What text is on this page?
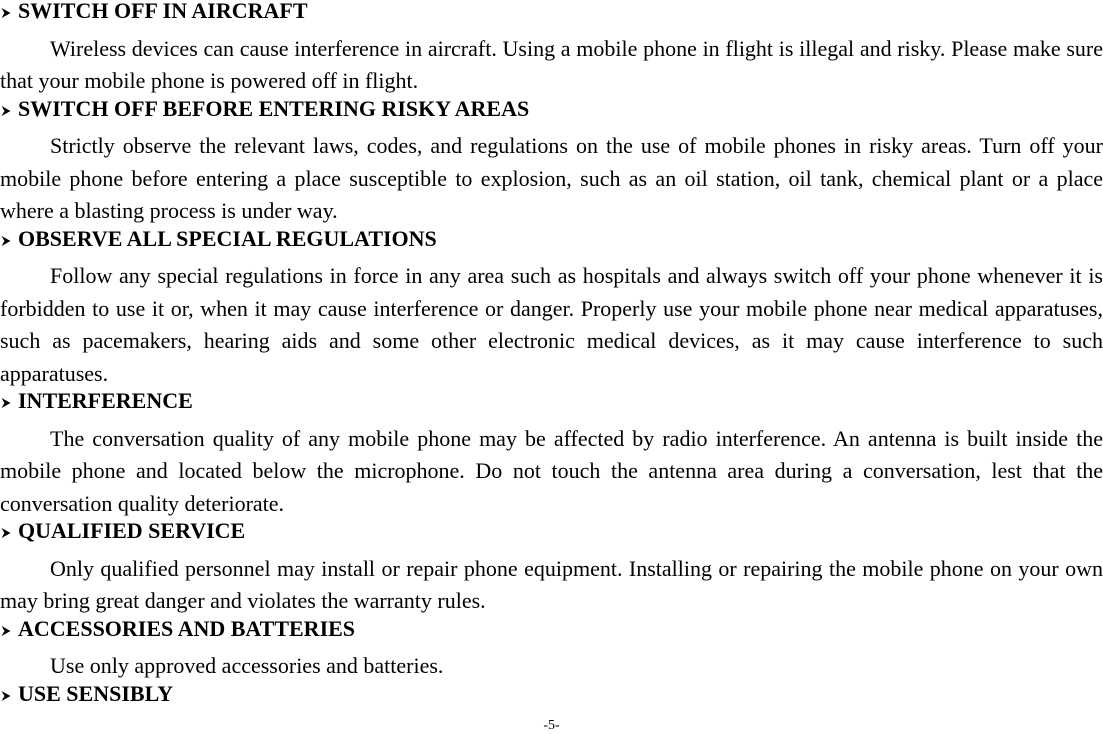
SWITCH OFF IN AIRCRAFT

Wireless devices can cause interference in aircraft. Using a mobile phone in flight is illegal and risky. Please make sure that your mobile phone is powered off in flight.

SWITCH OFF BEFORE ENTERING RISKY AREAS

Strictly observe the relevant laws, codes, and regulations on the use of mobile phones in risky areas. Turn off your mobile phone before entering a place susceptible to explosion, such as an oil station, oil tank, chemical plant or a place where a blasting process is under way.

OBSERVE ALL SPECIAL REGULATIONS

Follow any special regulations in force in any area such as hospitals and always switch off your phone whenever it is forbidden to use it or, when it may cause interference or danger. Properly use your mobile phone near medical apparatuses, such as pacemakers, hearing aids and some other electronic medical devices, as it may cause interference to such apparatuses.

INTERFERENCE

The conversation quality of any mobile phone may be affected by radio interference. An antenna is built inside the mobile phone and located below the microphone. Do not touch the antenna area during a conversation, lest that the conversation quality deteriorate.

QUALIFIED SERVICE

Only qualified personnel may install or repair phone equipment. Installing or repairing the mobile phone on your own may bring great danger and violates the warranty rules.

ACCESSORIES AND BATTERIES

Use only approved accessories and batteries.

USE SENSIBLY
-5-
